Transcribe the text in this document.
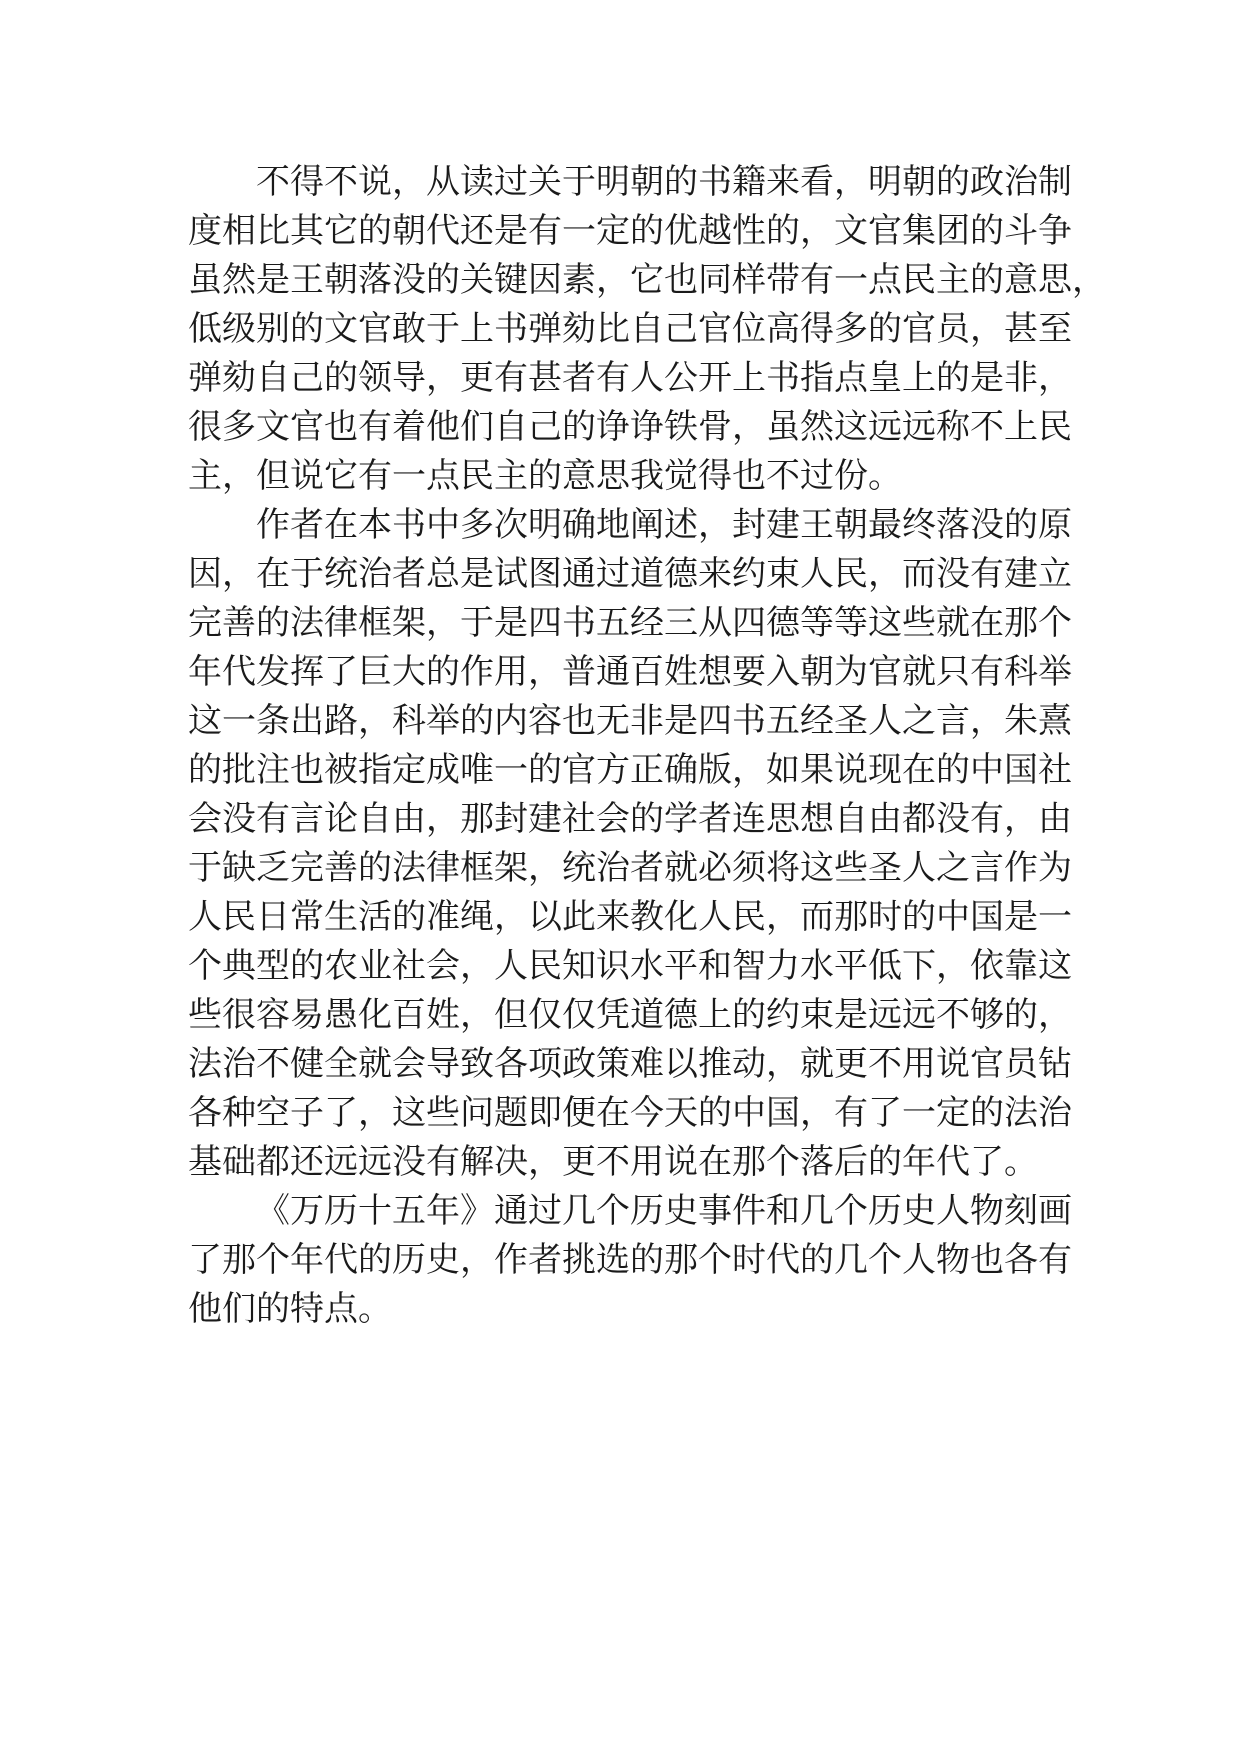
不得不说，从读过关于明朝的书籍来看，明朝的政治制
度相比其它的朝代还是有一定的优越性的，文官集团的斗争
虽然是王朝落没的关键因素，它也同样带有一点民主的意思，
低级别的文官敢于上书弹劾比自己官位高得多的官员，甚至
弹劾自己的领导，更有甚者有人公开上书指点皇上的是非，
很多文官也有着他们自己的诤诤铁骨，虽然这远远称不上民
主，但说它有一点民主的意思我觉得也不过份。
作者在本书中多次明确地阐述，封建王朝最终落没的原
因，在于统治者总是试图通过道德来约束人民，而没有建立
完善的法律框架，于是四书五经三从四德等等这些就在那个
年代发挥了巨大的作用，普通百姓想要入朝为官就只有科举
这一条出路，科举的内容也无非是四书五经圣人之言，朱熹
的批注也被指定成唯一的官方正确版，如果说现在的中国社
会没有言论自由，那封建社会的学者连思想自由都没有，由
于缺乏完善的法律框架，统治者就必须将这些圣人之言作为
人民日常生活的准绳，以此来教化人民，而那时的中国是一
个典型的农业社会，人民知识水平和智力水平低下，依靠这
些很容易愚化百姓，但仅仅凭道德上的约束是远远不够的，
法治不健全就会导致各项政策难以推动，就更不用说官员钻
各种空子了，这些问题即便在今天的中国，有了一定的法治
基础都还远远没有解决，更不用说在那个落后的年代了。
《万历十五年》通过几个历史事件和几个历史人物刻画
了那个年代的历史，作者挑选的那个时代的几个人物也各有
他们的特点。
